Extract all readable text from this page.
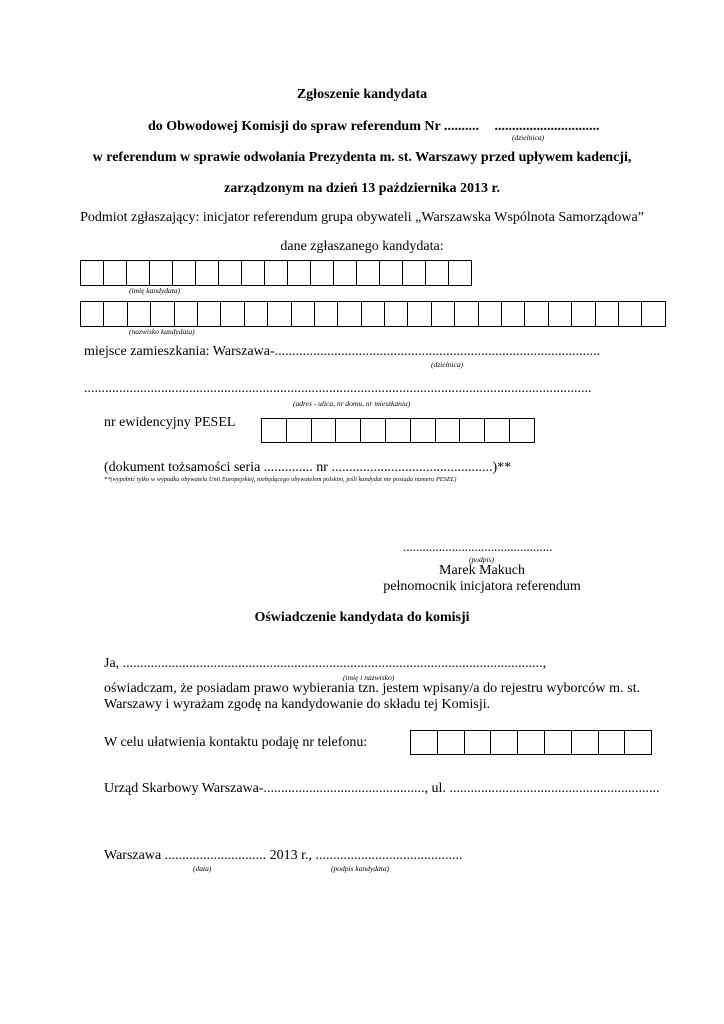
Zgłoszenie kandydata
do Obwodowej Komisji do spraw referendum Nr .......... ..............................
(dzielnica)
w referendum w sprawie odwołania Prezydenta m. st. Warszawy przed upływem kadencji,
zarządzonym na dzień 13 października 2013 r.
Podmiot zgłaszający: inicjator referendum grupa obywateli „Warszawska Wspólnota Samorządowa”
dane zgłaszanego kandydata:
(imię kandydata)
(nazwisko kandydata)
miejsce zamieszkania: Warszawa-.............................................................................................
(dzielnica)
.................................................................................................................................................
(adres - ulica, nr domu, nr mieszkania)
nr ewidencyjny PESEL
(dokument tożsamości seria .............. nr ..............................................)**
**(wypełnić tylko w wypadku obywatela Unii Europejskiej, niebędącego obywatelem polskim, jeśli kandydat nie posiada numeru PESEL)
..............................................
(podpis)
Marek Makuch
pełnomocnik inicjatora referendum
Oświadczenie kandydata do komisji
Ja, ........................................................................................................................,
(imię i nazwisko)
oświadczam, że posiadam prawo wybierania tzn. jestem wpisany/a do rejestru wyborców m. st.
Warszawy i wyrażam zgodę na kandydowanie do składu tej Komisji.
W celu ułatwienia kontaktu podaję nr telefonu:
Urząd Skarbowy Warszawa-.............................................., ul. ............................................................
Warszawa ............................. 2013 r., ..........................................
(data)	(podpis kandydata)
